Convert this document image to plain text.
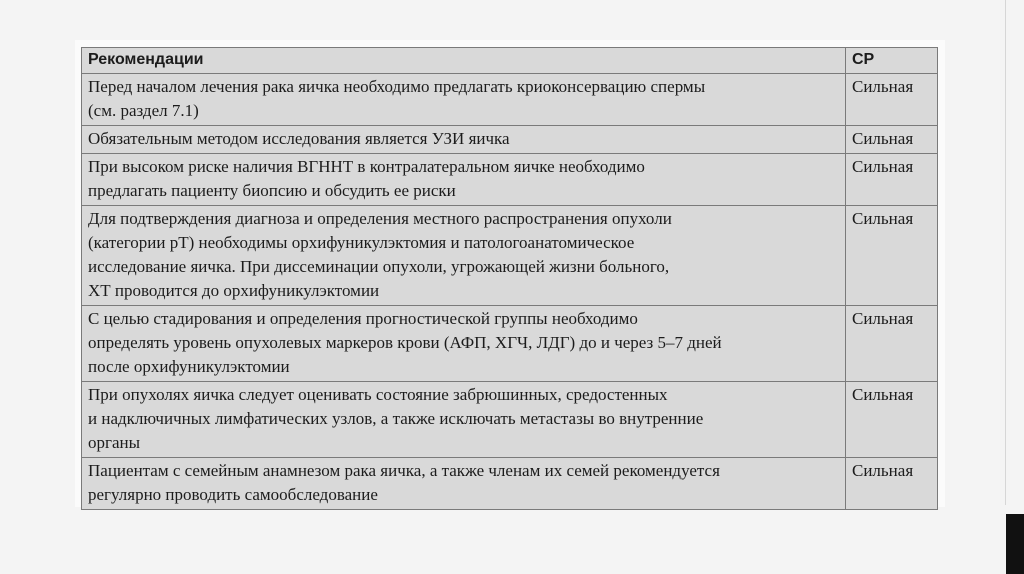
Рекомендации	СР
Перед началом лечения рака яичка необходимо предлагать криоконсервацию спермы
(см. раздел 7.1)	Сильная
Обязательным методом исследования является УЗИ яичка	Сильная
При высоком риске наличия ВГННТ в контралатеральном яичке необходимо
предлагать пациенту биопсию и обсудить ее риски	Сильная
Для подтверждения диагноза и определения местного распространения опухоли
(категории рТ) необходимы орхифуникулэктомия и патологоанатомическое
исследование яичка. При диссеминации опухоли, угрожающей жизни больного,
ХТ проводится до орхифуникулэктомии	Сильная
С целью стадирования и определения прогностической группы необходимо
определять уровень опухолевых маркеров крови (АФП, ХГЧ, ЛДГ) до и через 5–7 дней
после орхифуникулэктомии	Сильная
При опухолях яичка следует оценивать состояние забрюшинных, средостенных
и надключичных лимфатических узлов, а также исключать метастазы во внутренние
органы	Сильная
Пациентам с семейным анамнезом рака яичка, а также членам их семей рекомендуется
регулярно проводить самообследование	Сильная
